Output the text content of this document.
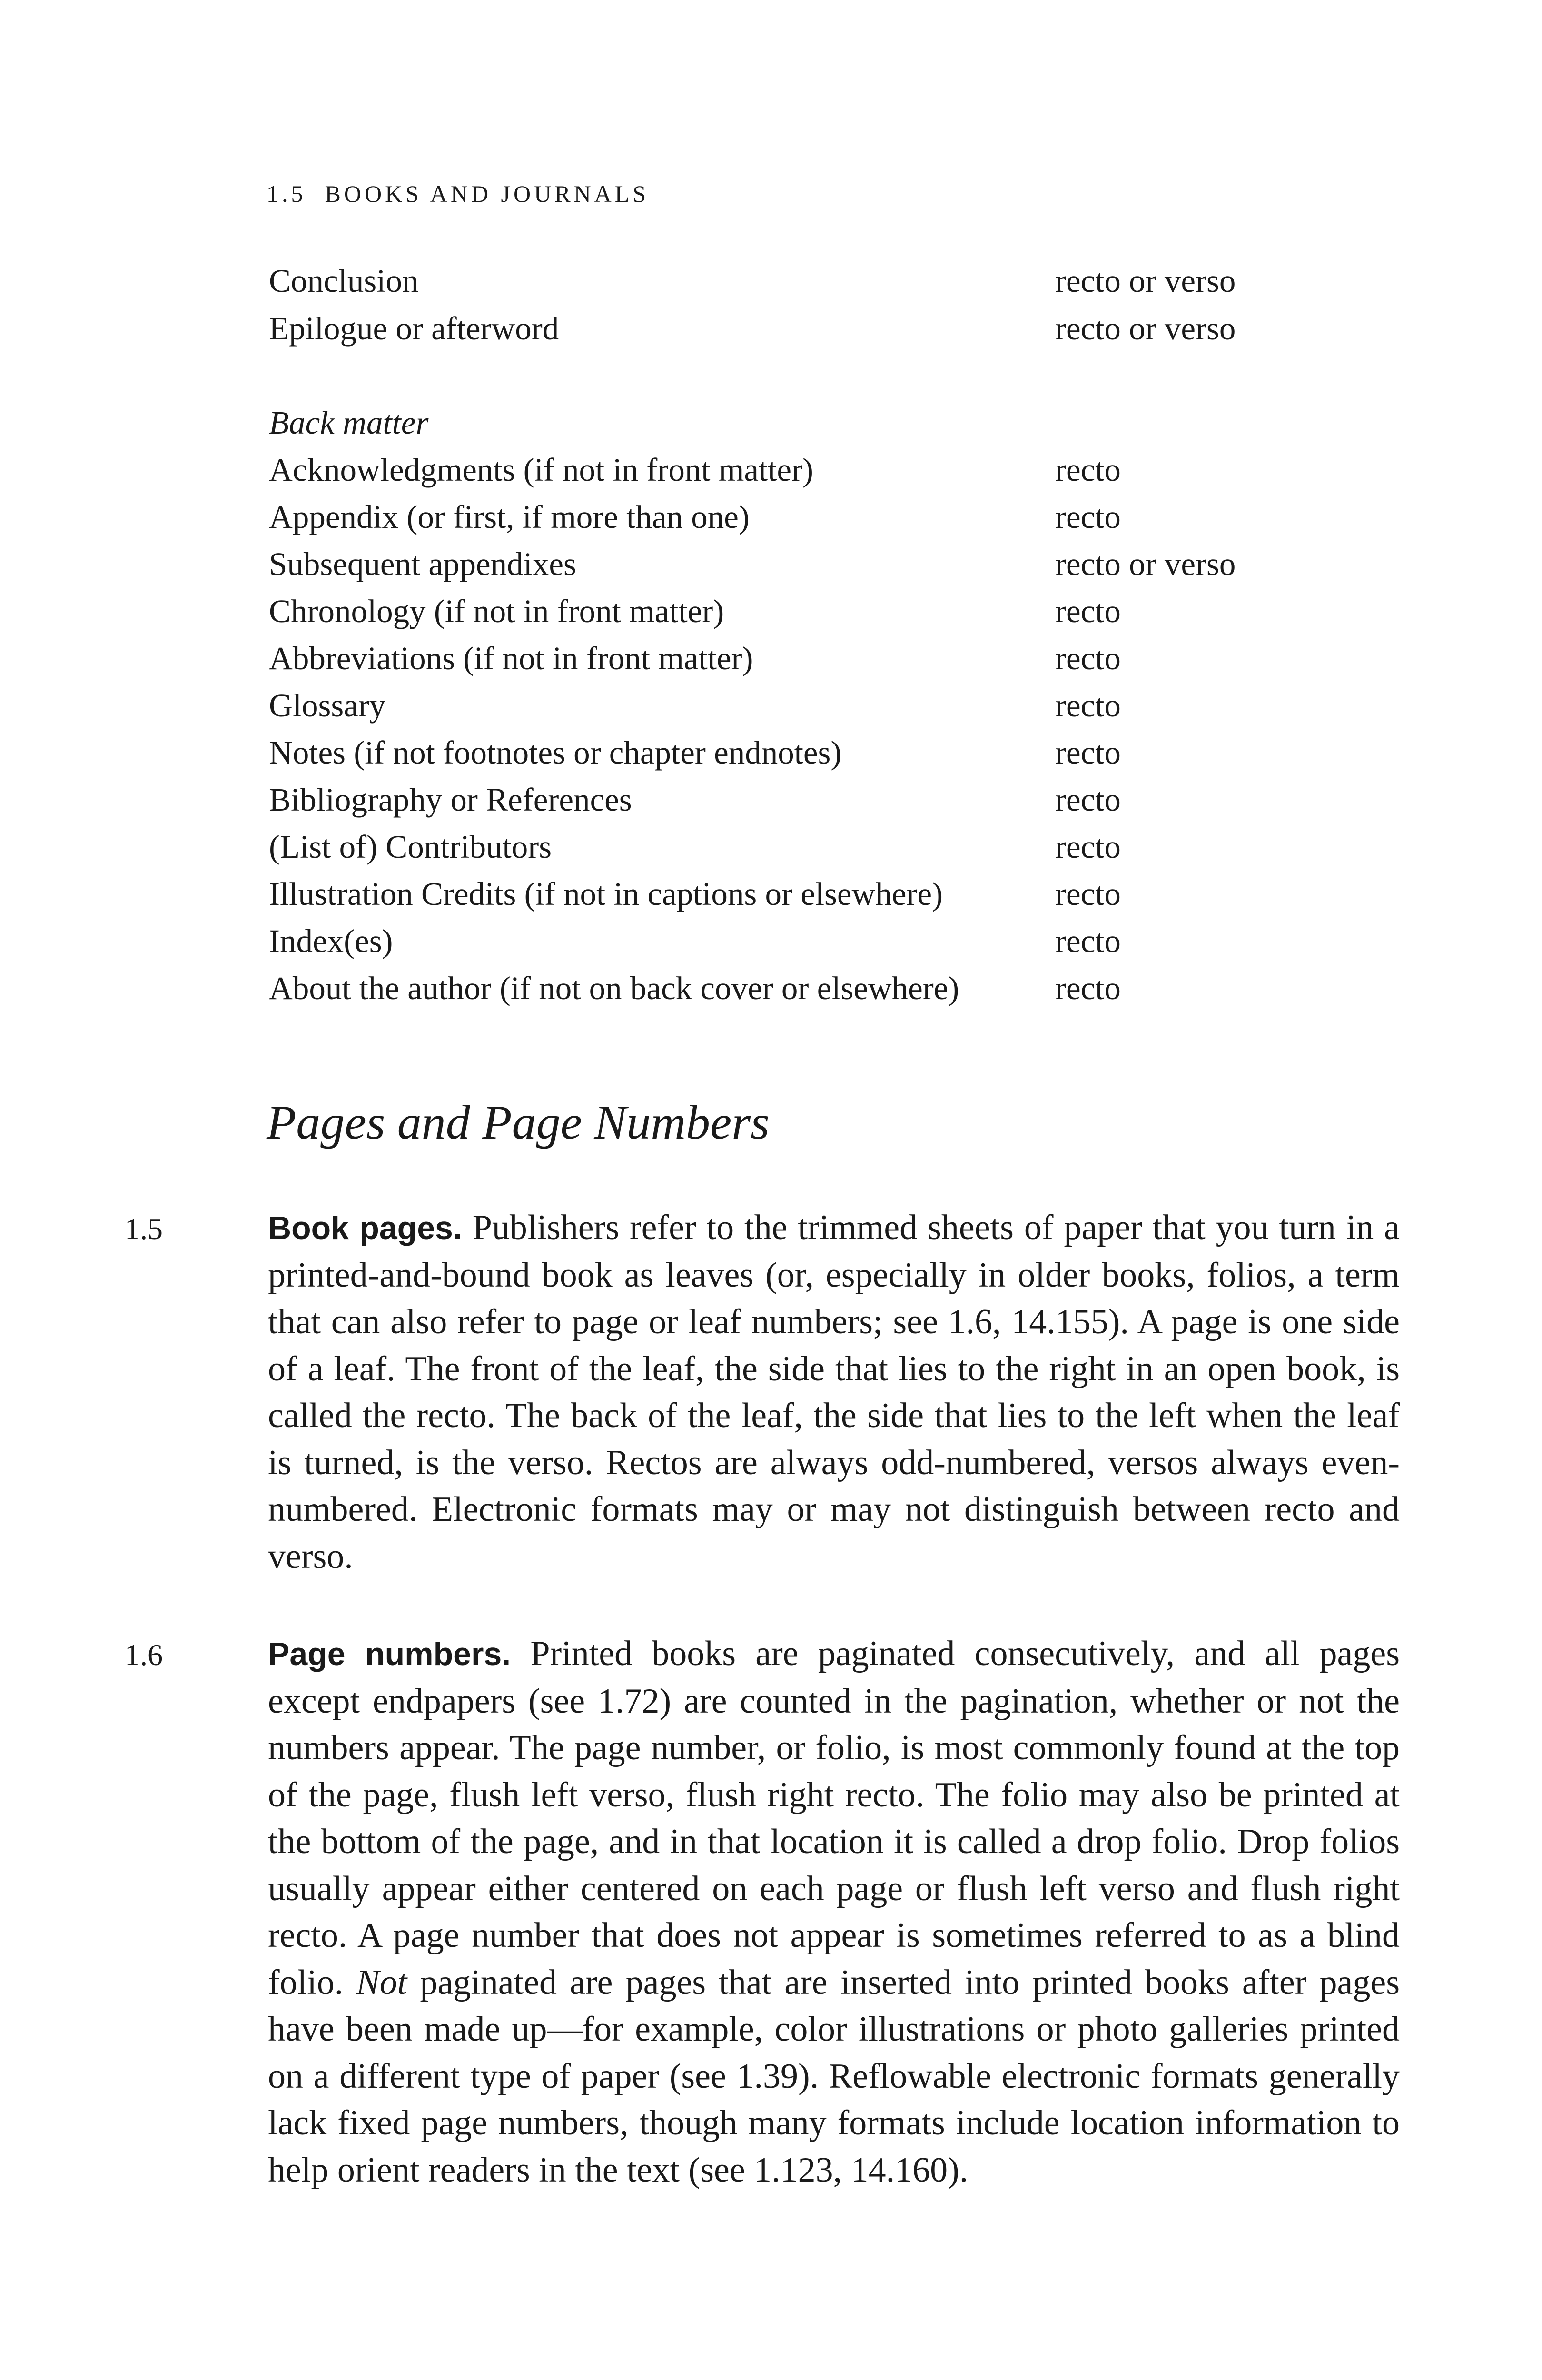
1.5 BOOKS AND JOURNALS
Conclusion	recto or verso
Epilogue or afterword	recto or verso
Back matter
Acknowledgments (if not in front matter)	recto
Appendix (or first, if more than one)	recto
Subsequent appendixes	recto or verso
Chronology (if not in front matter)	recto
Abbreviations (if not in front matter)	recto
Glossary	recto
Notes (if not footnotes or chapter endnotes)	recto
Bibliography or References	recto
(List of) Contributors	recto
Illustration Credits (if not in captions or elsewhere)	recto
Index(es)	recto
About the author (if not on back cover or elsewhere)	recto
Pages and Page Numbers
1.5	Book pages. Publishers refer to the trimmed sheets of paper that you turn in a printed-and-bound book as leaves (or, especially in older books, folios, a term that can also refer to page or leaf numbers; see 1.6, 14.155). A page is one side of a leaf. The front of the leaf, the side that lies to the right in an open book, is called the recto. The back of the leaf, the side that lies to the left when the leaf is turned, is the verso. Rectos are always odd-numbered, versos always even-numbered. Electronic formats may or may not distinguish between recto and verso.

1.6	Page numbers. Printed books are paginated consecutively, and all pages except endpapers (see 1.72) are counted in the pagination, whether or not the numbers appear. The page number, or folio, is most commonly found at the top of the page, flush left verso, flush right recto. The folio may also be printed at the bottom of the page, and in that location it is called a drop folio. Drop folios usually appear either centered on each page or flush left verso and flush right recto. A page number that does not appear is sometimes referred to as a blind folio. Not paginated are pages that are inserted into printed books after pages have been made up—for example, color illustrations or photo galleries printed on a different type of paper (see 1.39). Reflowable electronic formats generally lack fixed page numbers, though many formats include location information to help orient readers in the text (see 1.123, 14.160).
